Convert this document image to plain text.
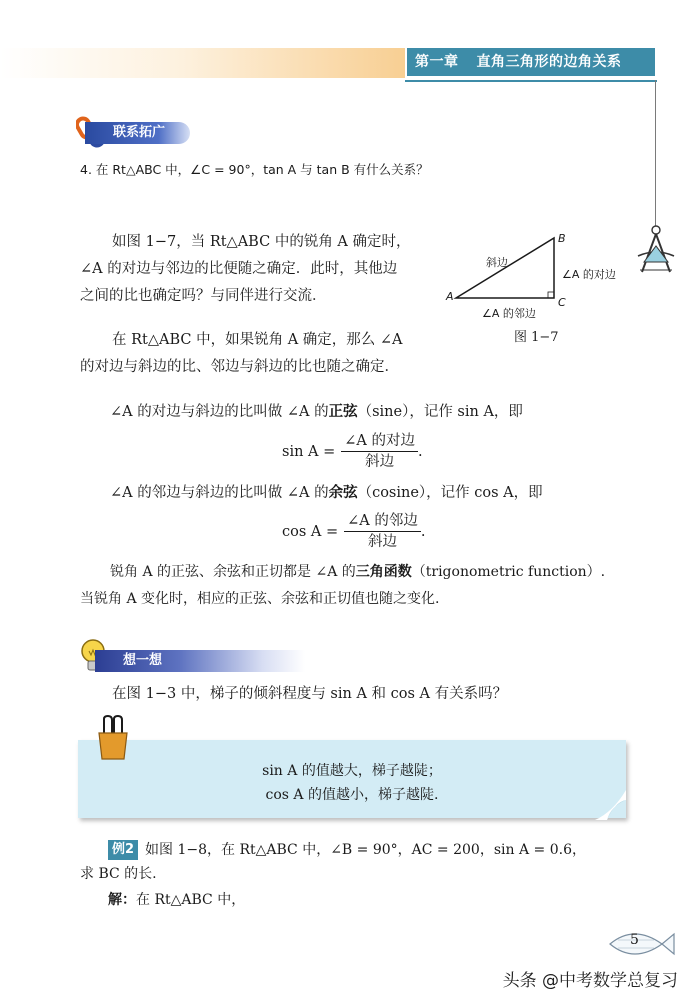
第一章 直角三角形的边角关系
联系拓广
4. 在 Rt△ABC 中，∠C = 90°，tan A 与 tan B 有什么关系？
如图 1−7，当 Rt△ABC 中的锐角 A 确定时，
∠A 的对边与邻边的比便随之确定．此时，其他边
之间的比也确定吗？与同伴进行交流．
在 Rt△ABC 中，如果锐角 A 确定，那么 ∠A
的对边与斜边的比、邻边与斜边的比也随之确定．
A
B
C
斜边
∠A 的对边
∠A 的邻边
图 1−7
∠A 的对边与斜边的比叫做 ∠A 的正弦（sine），记作 sin A，即
$\sin A = \frac{\text{∠A 的对边}}{\text{斜边}}$ .
∠A 的邻边与斜边的比叫做 ∠A 的余弦（cosine），记作 cos A，即
$\cos A = \frac{\text{∠A 的邻边}}{\text{斜边}}$ .
锐角 A 的正弦、余弦和正切都是 ∠A 的三角函数（trigonometric function）.
当锐角 A 变化时，相应的正弦、余弦和正切值也随之变化.
想一想
在图 1−3 中，梯子的倾斜程度与 sin A 和 cos A 有关系吗？
sin A 的值越大，梯子越陡；
cos A 的值越小，梯子越陡.
例2 如图 1−8，在 Rt△ABC 中，∠B = 90°，AC = 200，sin A = 0.6，
求 BC 的长.
解：在 Rt△ABC 中，
5
头条 @中考数学总复习
